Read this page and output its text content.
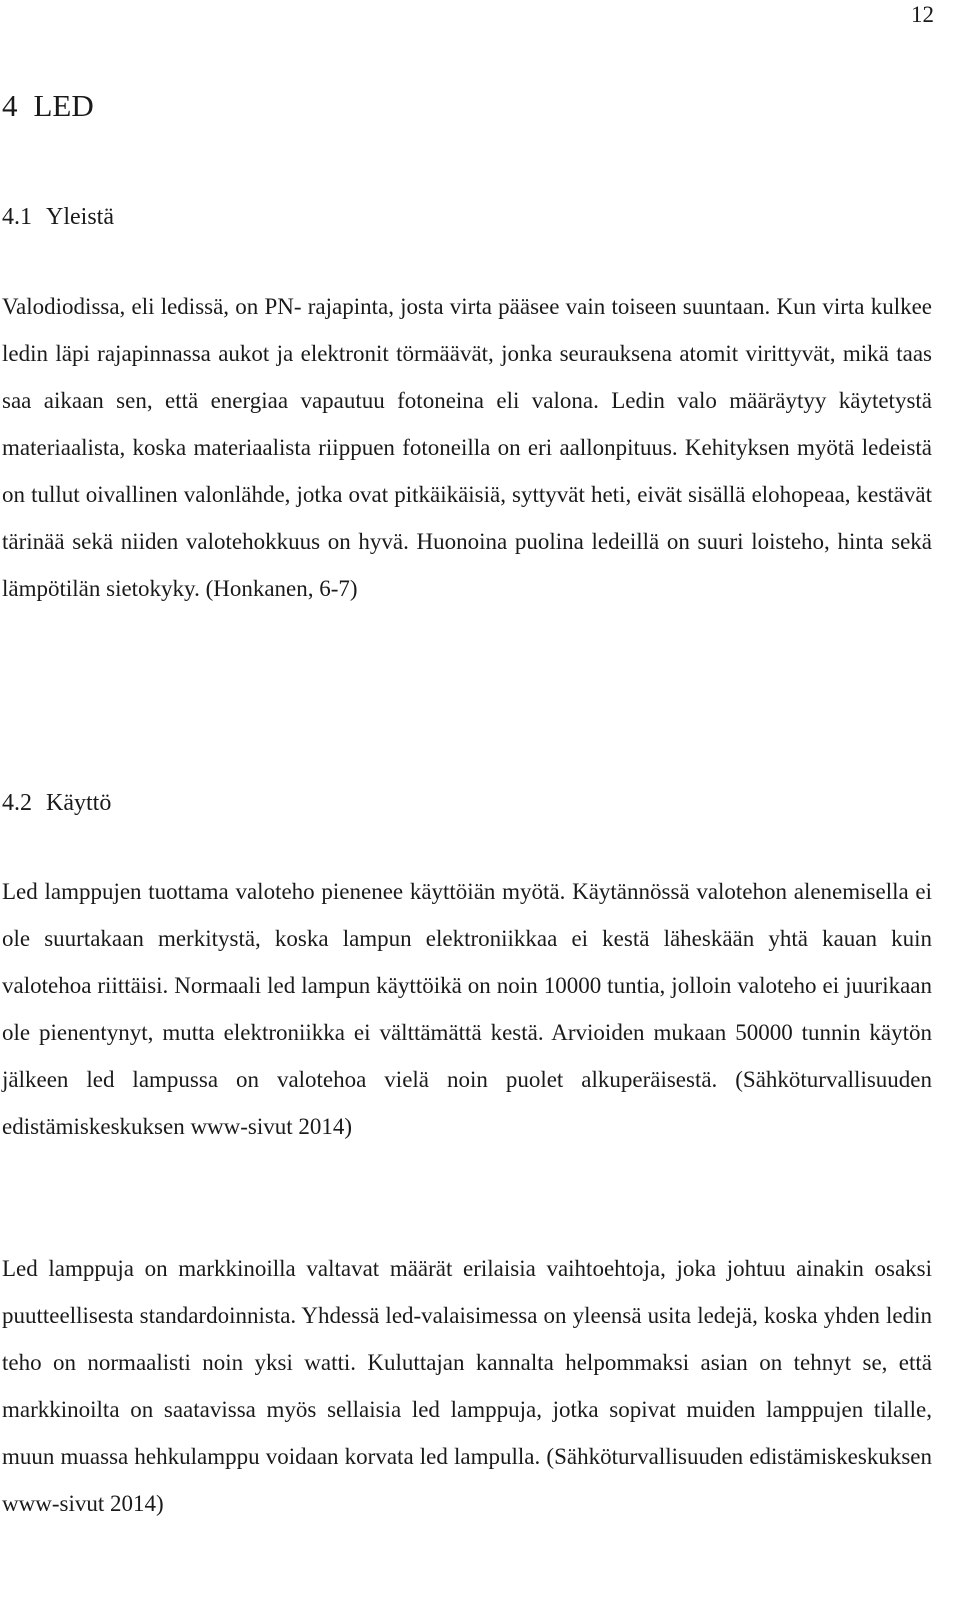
12
4 LED
4.1 Yleistä

Valodiodissa, eli ledissä, on PN- rajapinta, josta virta pääsee vain toiseen suuntaan. Kun virta kulkee ledin läpi rajapinnassa aukot ja elektronit törmäävät, jonka seurauksena atomit virittyvät, mikä taas saa aikaan sen, että energiaa vapautuu fotoneina eli valona. Ledin valo määräytyy käytetystä materiaalista, koska materiaalista riippuen fotoneilla on eri aallonpituus. Kehityksen myötä ledeistä on tullut oivallinen valonlähde, jotka ovat pitkäikäisiä, syttyvät heti, eivät sisällä elohopeaa, kestävät tärinää sekä niiden valotehokkuus on hyvä. Huonoina puolina ledeillä on suuri loisteho, hinta sekä lämpötilän sietokyky. (Honkanen, 6-7)

4.2 Käyttö

Led lamppujen tuottama valoteho pienenee käyttöiän myötä. Käytännössä valotehon alenemisella ei ole suurtakaan merkitystä, koska lampun elektroniikkaa ei kestä läheskään yhtä kauan kuin valotehoa riittäisi. Normaali led lampun käyttöikä on noin 10000 tuntia, jolloin valoteho ei juurikaan ole pienentynyt, mutta elektroniikka ei välttämättä kestä. Arvioiden mukaan 50000 tunnin käytön jälkeen led lampussa on valotehoa vielä noin puolet alkuperäisestä. (Sähköturvallisuuden edistämiskeskuksen www-sivut 2014)

Led lamppuja on markkinoilla valtavat määrät erilaisia vaihtoehtoja, joka johtuu ainakin osaksi puutteellisesta standardoinnista. Yhdessä led-valaisimessa on yleensä usita ledejä, koska yhden ledin teho on normaalisti noin yksi watti. Kuluttajan kannalta helpommaksi asian on tehnyt se, että markkinoilta on saatavissa myös sellaisia led lamppuja, jotka sopivat muiden lamppujen tilalle, muun muassa hehkulamppu voidaan korvata led lampulla. (Sähköturvallisuuden edistämiskeskuksen www-sivut 2014)
